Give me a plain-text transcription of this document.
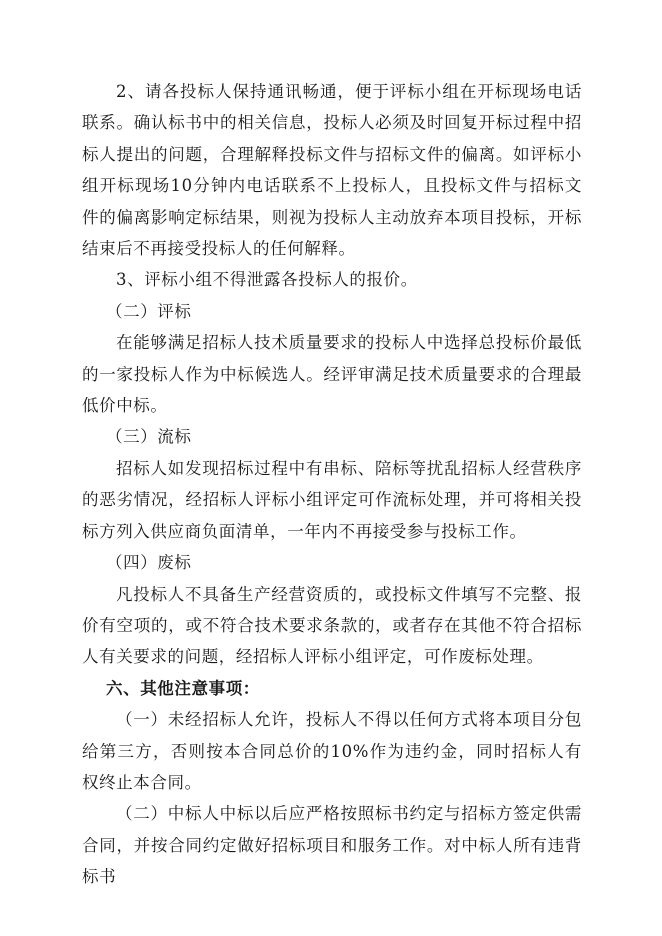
2、请各投标人保持通讯畅通，便于评标小组在开标现场电话联系。确认标书中的相关信息，投标人必须及时回复开标过程中招标人提出的问题，合理解释投标文件与招标文件的偏离。如评标小组开标现场10分钟内电话联系不上投标人，且投标文件与招标文件的偏离影响定标结果，则视为投标人主动放弃本项目投标，开标结束后不再接受投标人的任何解释。

3、评标小组不得泄露各投标人的报价。

（二）评标

在能够满足招标人技术质量要求的投标人中选择总投标价最低的一家投标人作为中标候选人。经评审满足技术质量要求的合理最低价中标。

（三）流标

招标人如发现招标过程中有串标、陪标等扰乱招标人经营秩序的恶劣情况，经招标人评标小组评定可作流标处理，并可将相关投标方列入供应商负面清单，一年内不再接受参与投标工作。

（四）废标

凡投标人不具备生产经营资质的，或投标文件填写不完整、报价有空项的，或不符合技术要求条款的，或者存在其他不符合招标人有关要求的问题，经招标人评标小组评定，可作废标处理。

六、其他注意事项：

（一）未经招标人允许，投标人不得以任何方式将本项目分包给第三方，否则按本合同总价的10%作为违约金，同时招标人有权终止本合同。

（二）中标人中标以后应严格按照标书约定与招标方签定供需合同，并按合同约定做好招标项目和服务工作。对中标人所有违背标书
